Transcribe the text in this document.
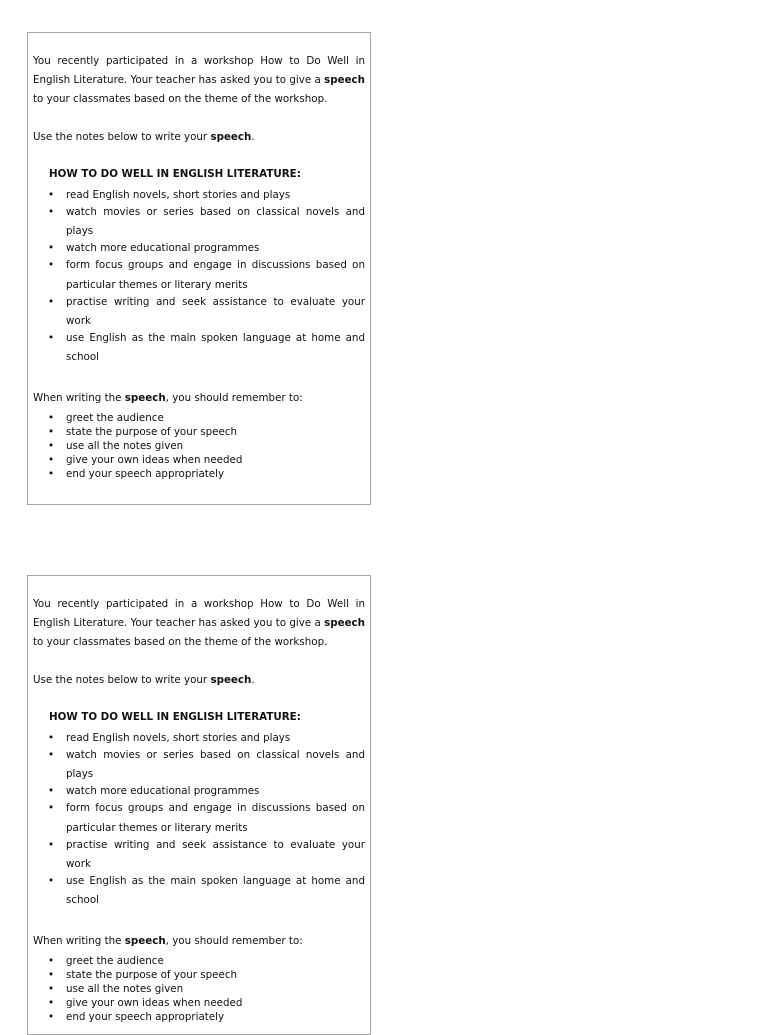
You recently participated in a workshop How to Do Well in English Literature. Your teacher has asked you to give a speech to your classmates based on the theme of the workshop.

Use the notes below to write your speech.

HOW TO DO WELL IN ENGLISH LITERATURE:
• read English novels, short stories and plays
• watch movies or series based on classical novels and plays
• watch more educational programmes
• form focus groups and engage in discussions based on particular themes or literary merits
• practise writing and seek assistance to evaluate your work
• use English as the main spoken language at home and school
When writing the speech, you should remember to:
• greet the audience
• state the purpose of your speech
• use all the notes given
• give your own ideas when needed
• end your speech appropriately

You recently participated in a workshop How to Do Well in English Literature. Your teacher has asked you to give a speech to your classmates based on the theme of the workshop.

Use the notes below to write your speech.

HOW TO DO WELL IN ENGLISH LITERATURE:
• read English novels, short stories and plays
• watch movies or series based on classical novels and plays
• watch more educational programmes
• form focus groups and engage in discussions based on particular themes or literary merits
• practise writing and seek assistance to evaluate your work
• use English as the main spoken language at home and school
When writing the speech, you should remember to:
• greet the audience
• state the purpose of your speech
• use all the notes given
• give your own ideas when needed
• end your speech appropriately
